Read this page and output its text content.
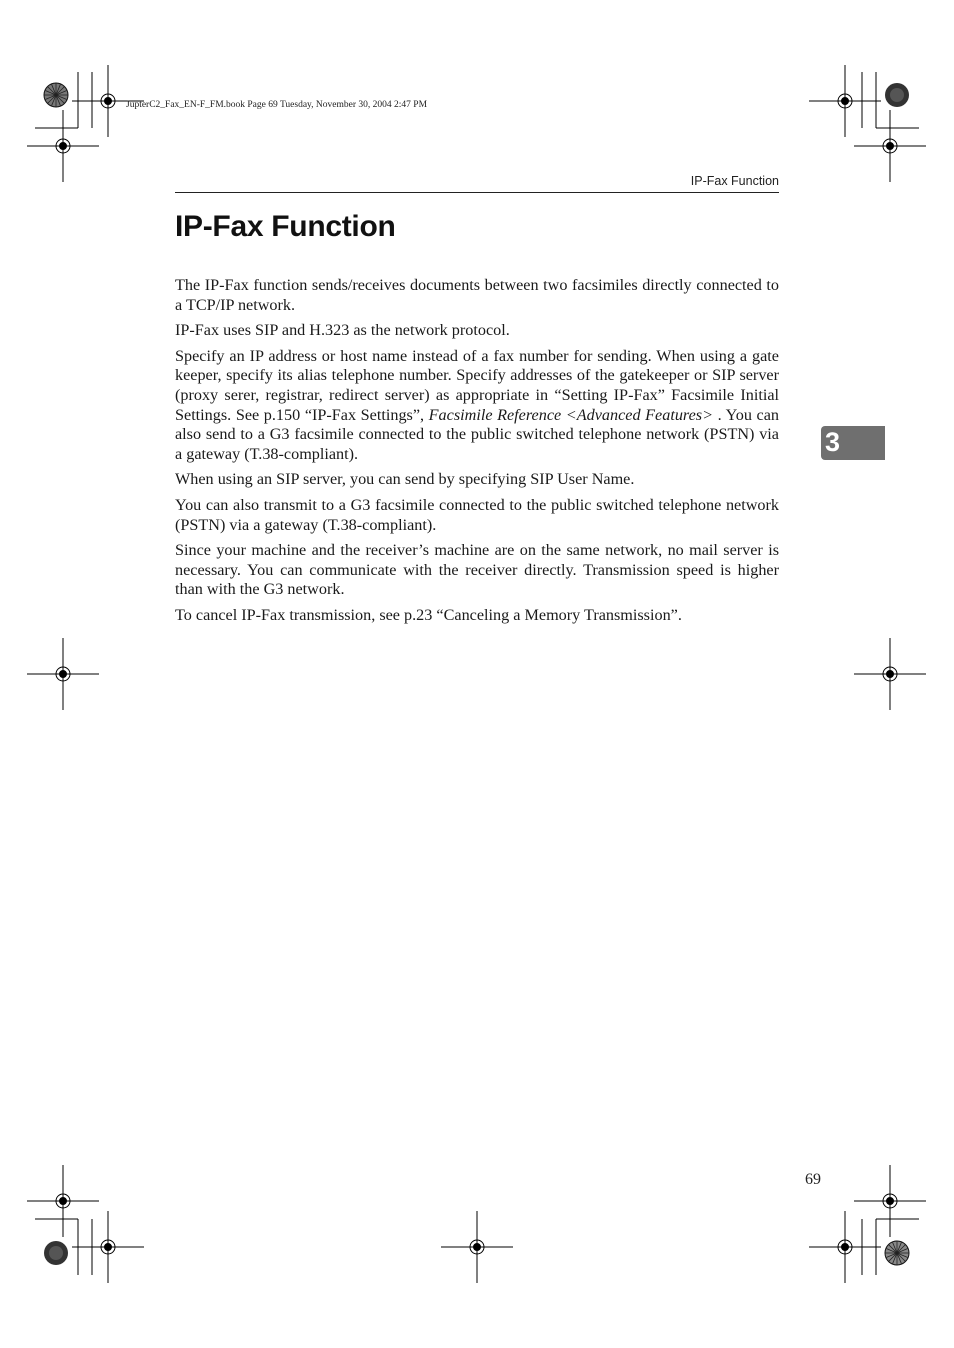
JupterC2_Fax_EN-F_FM.book Page 69 Tuesday, November 30, 2004 2:47 PM
IP-Fax Function
IP-Fax Function

The IP-Fax function sends/receives documents between two facsimiles directly connected to a TCP/IP network.

IP-Fax uses SIP and H.323 as the network protocol.

Specify an IP address or host name instead of a fax number for sending. When using a gate keeper, specify its alias telephone number. Specify addresses of the gatekeeper or SIP server (proxy serer, registrar, redirect server) as appropriate in “Setting IP-Fax” Facsimile Initial Settings. See p.150 “IP-Fax Settings”, Facsimile Reference <Advanced Features> . You can also send to a G3 facsimile connected to the public switched telephone network (PSTN) via a gateway (T.38-compliant).

When using an SIP server, you can send by specifying SIP User Name.

You can also transmit to a G3 facsimile connected to the public switched telephone network (PSTN) via a gateway (T.38-compliant).

Since your machine and the receiver’s machine are on the same network, no mail server is necessary. You can communicate with the receiver directly. Transmission speed is higher than with the G3 network.

To cancel IP-Fax transmission, see p.23 “Canceling a Memory Transmission”.

3
69
